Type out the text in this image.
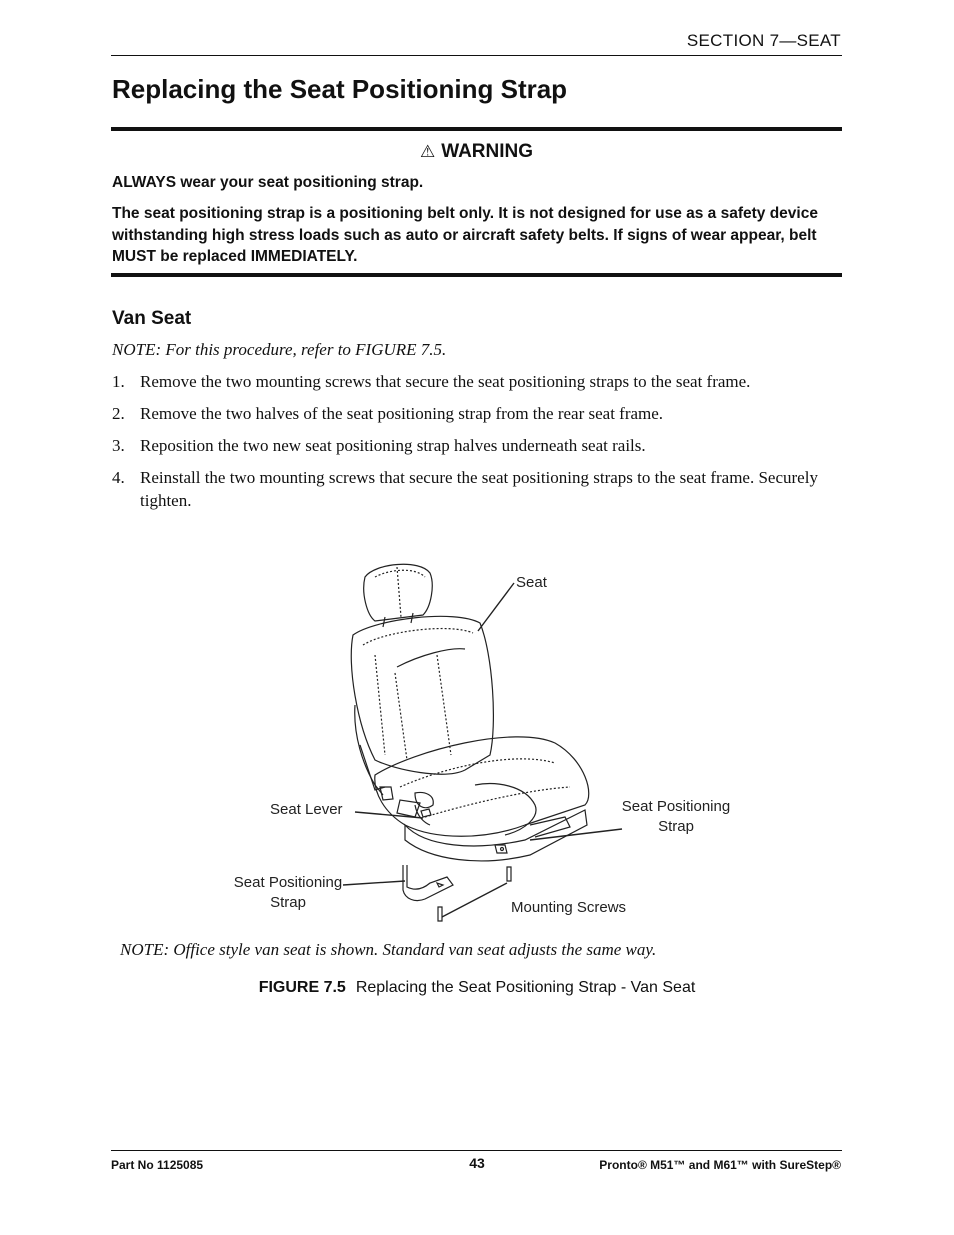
SECTION 7—SEAT
Replacing the Seat Positioning Strap
⚠ WARNING

ALWAYS wear your seat positioning strap.

The seat positioning strap is a positioning belt only. It is not designed for use as a safety device withstanding high stress loads such as auto or aircraft safety belts. If signs of wear appear, belt MUST be replaced IMMEDIATELY.

Van Seat

NOTE: For this procedure, refer to FIGURE 7.5.

1. Remove the two mounting screws that secure the seat positioning straps to the seat frame.
2. Remove the two halves of the seat positioning strap from the rear seat frame.
3. Reposition the two new seat positioning strap halves underneath seat rails.
4. Reinstall the two mounting screws that secure the seat positioning straps to the seat frame. Securely tighten.
Seat
Seat Lever	Seat Positioning
Strap
Seat Positioning
Strap	Mounting Screws

NOTE: Office style van seat is shown. Standard van seat adjusts the same way.

FIGURE 7.5 Replacing the Seat Positioning Strap - Van Seat

Part No 1125085	43	Pronto® M51™ and M61™ with SureStep®
